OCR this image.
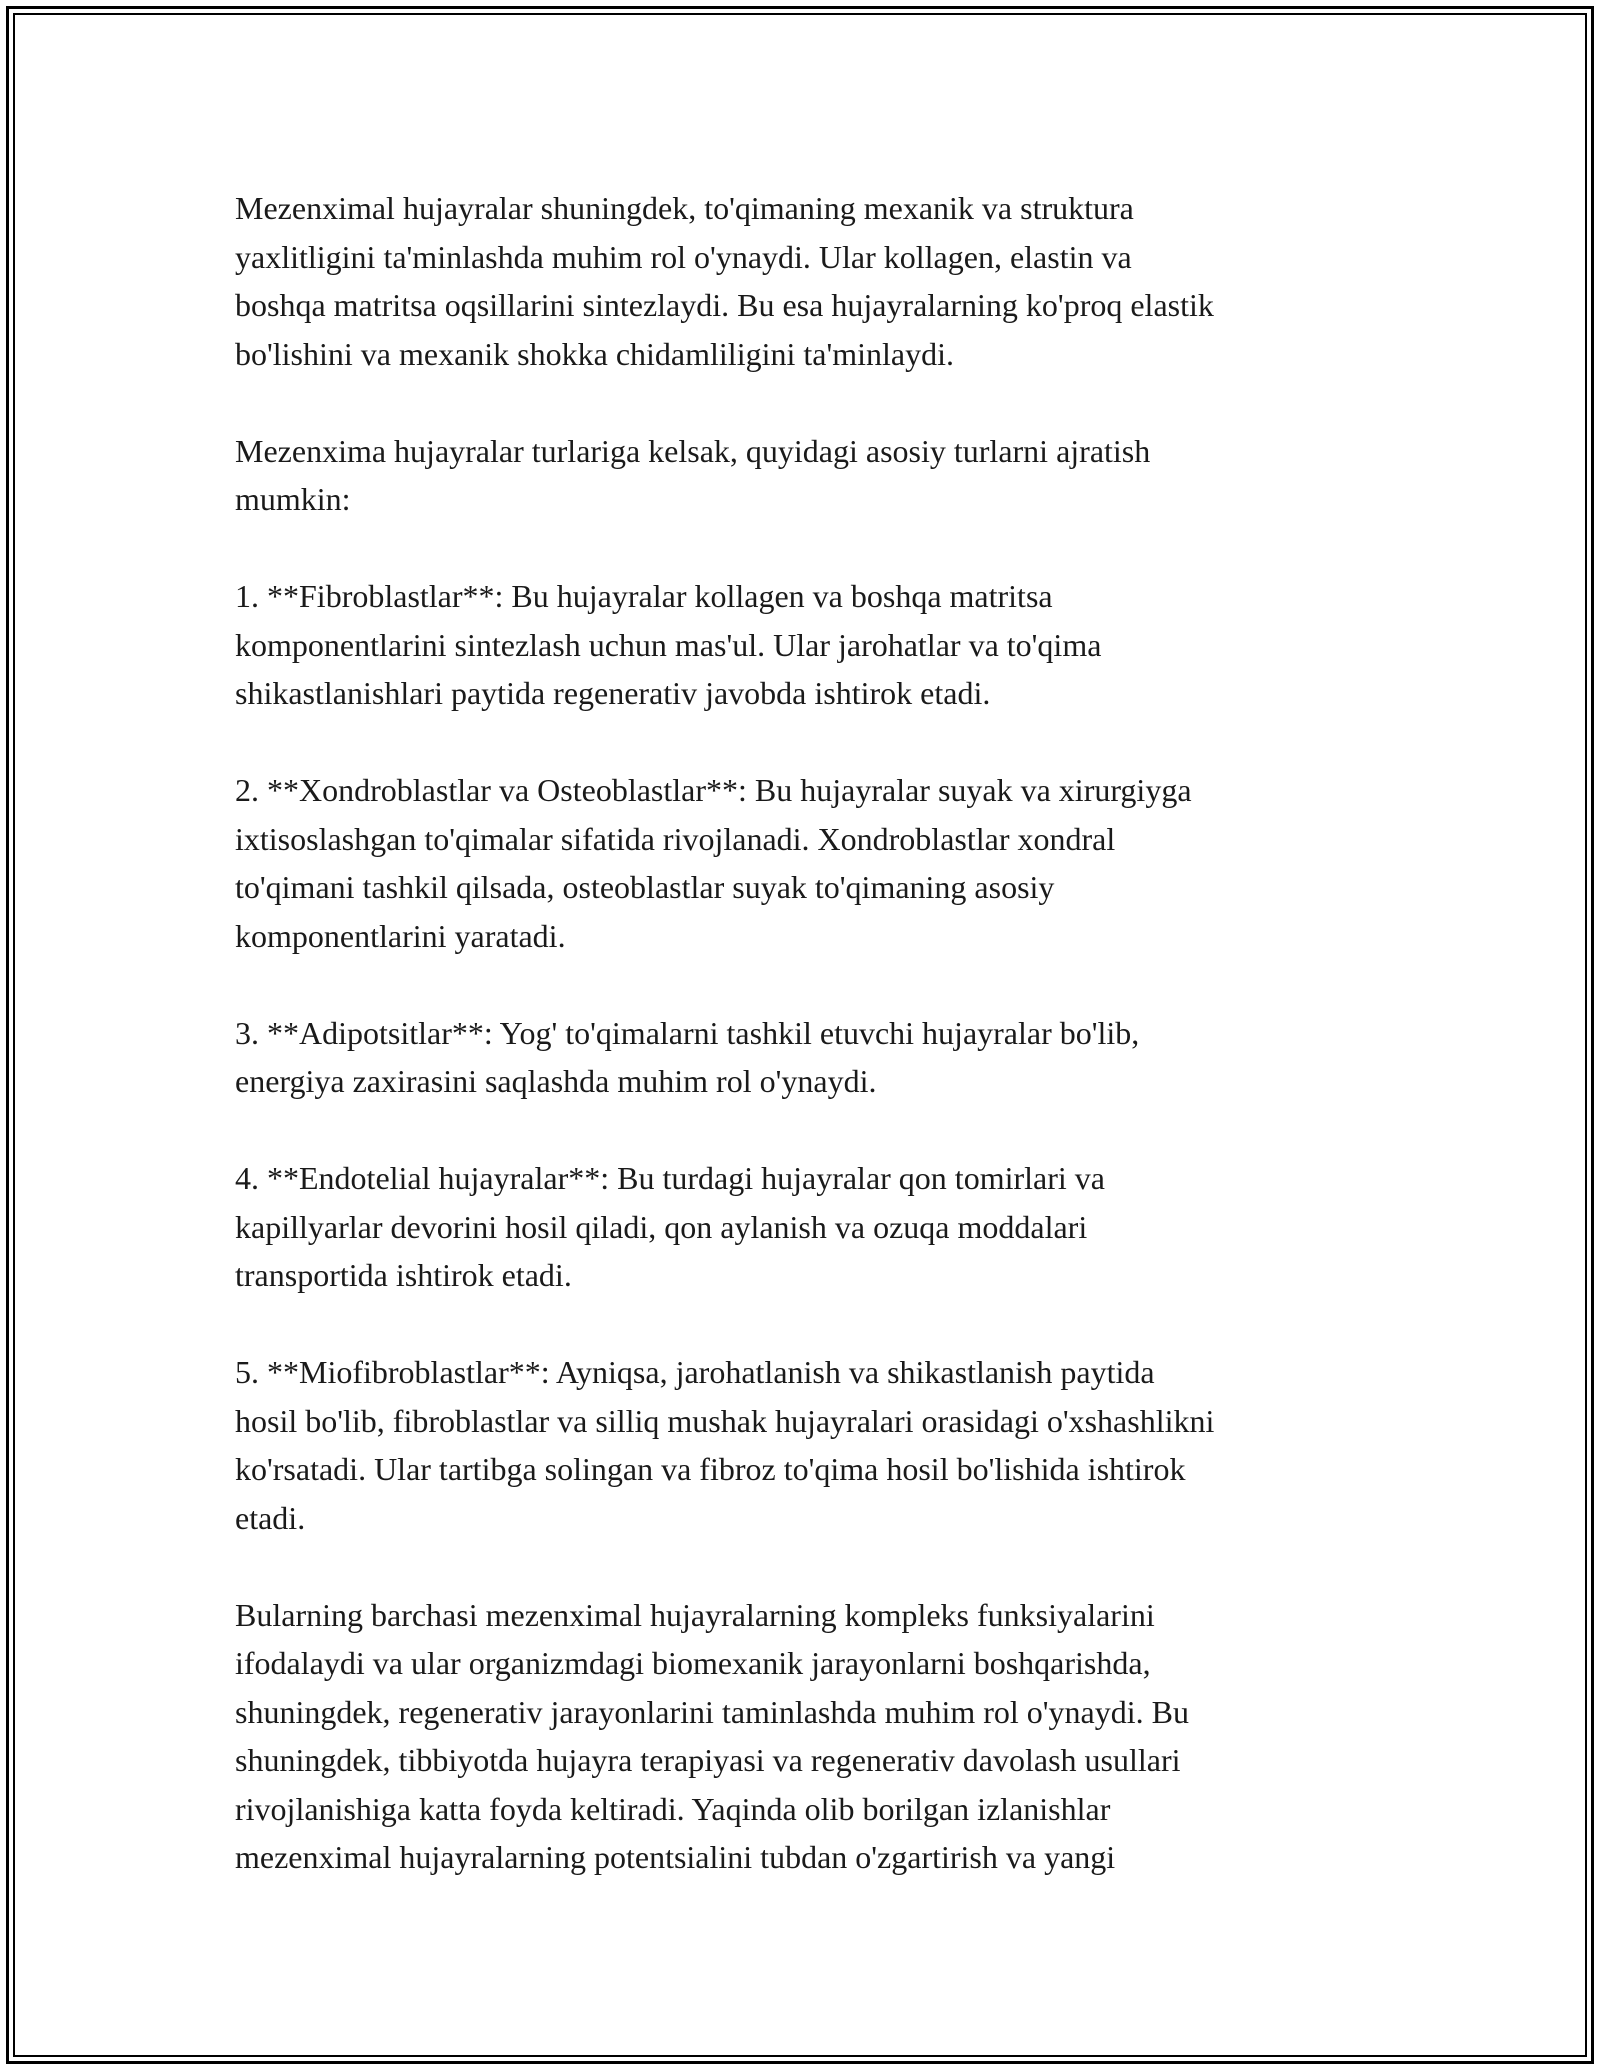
Mezenximal hujayralar shuningdek, to'qimaning mexanik va struktura
yaxlitligini ta'minlashda muhim rol o'ynaydi. Ular kollagen, elastin va
boshqa matritsa oqsillarini sintezlaydi. Bu esa hujayralarning ko'proq elastik
bo'lishini va mexanik shokka chidamliligini ta'minlaydi.

Mezenxima hujayralar turlariga kelsak, quyidagi asosiy turlarni ajratish
mumkin:

1. **Fibroblastlar**: Bu hujayralar kollagen va boshqa matritsa
komponentlarini sintezlash uchun mas'ul. Ular jarohatlar va to'qima
shikastlanishlari paytida regenerativ javobda ishtirok etadi.

2. **Xondroblastlar va Osteoblastlar**: Bu hujayralar suyak va xirurgiyga
ixtisoslashgan to'qimalar sifatida rivojlanadi. Xondroblastlar xondral
to'qimani tashkil qilsada, osteoblastlar suyak to'qimaning asosiy
komponentlarini yaratadi.

3. **Adipotsitlar**: Yog' to'qimalarni tashkil etuvchi hujayralar bo'lib,
energiya zaxirasini saqlashda muhim rol o'ynaydi.

4. **Endotelial hujayralar**: Bu turdagi hujayralar qon tomirlari va
kapillyarlar devorini hosil qiladi, qon aylanish va ozuqa moddalari
transportida ishtirok etadi.

5. **Miofibroblastlar**: Ayniqsa, jarohatlanish va shikastlanish paytida
hosil bo'lib, fibroblastlar va silliq mushak hujayralari orasidagi o'xshashlikni
ko'rsatadi. Ular tartibga solingan va fibroz to'qima hosil bo'lishida ishtirok
etadi.

Bularning barchasi mezenximal hujayralarning kompleks funksiyalarini
ifodalaydi va ular organizmdagi biomexanik jarayonlarni boshqarishda,
shuningdek, regenerativ jarayonlarini taminlashda muhim rol o'ynaydi. Bu
shuningdek, tibbiyotda hujayra terapiyasi va regenerativ davolash usullari
rivojlanishiga katta foyda keltiradi. Yaqinda olib borilgan izlanishlar
mezenximal hujayralarning potentsialini tubdan o'zgartirish va yangi
